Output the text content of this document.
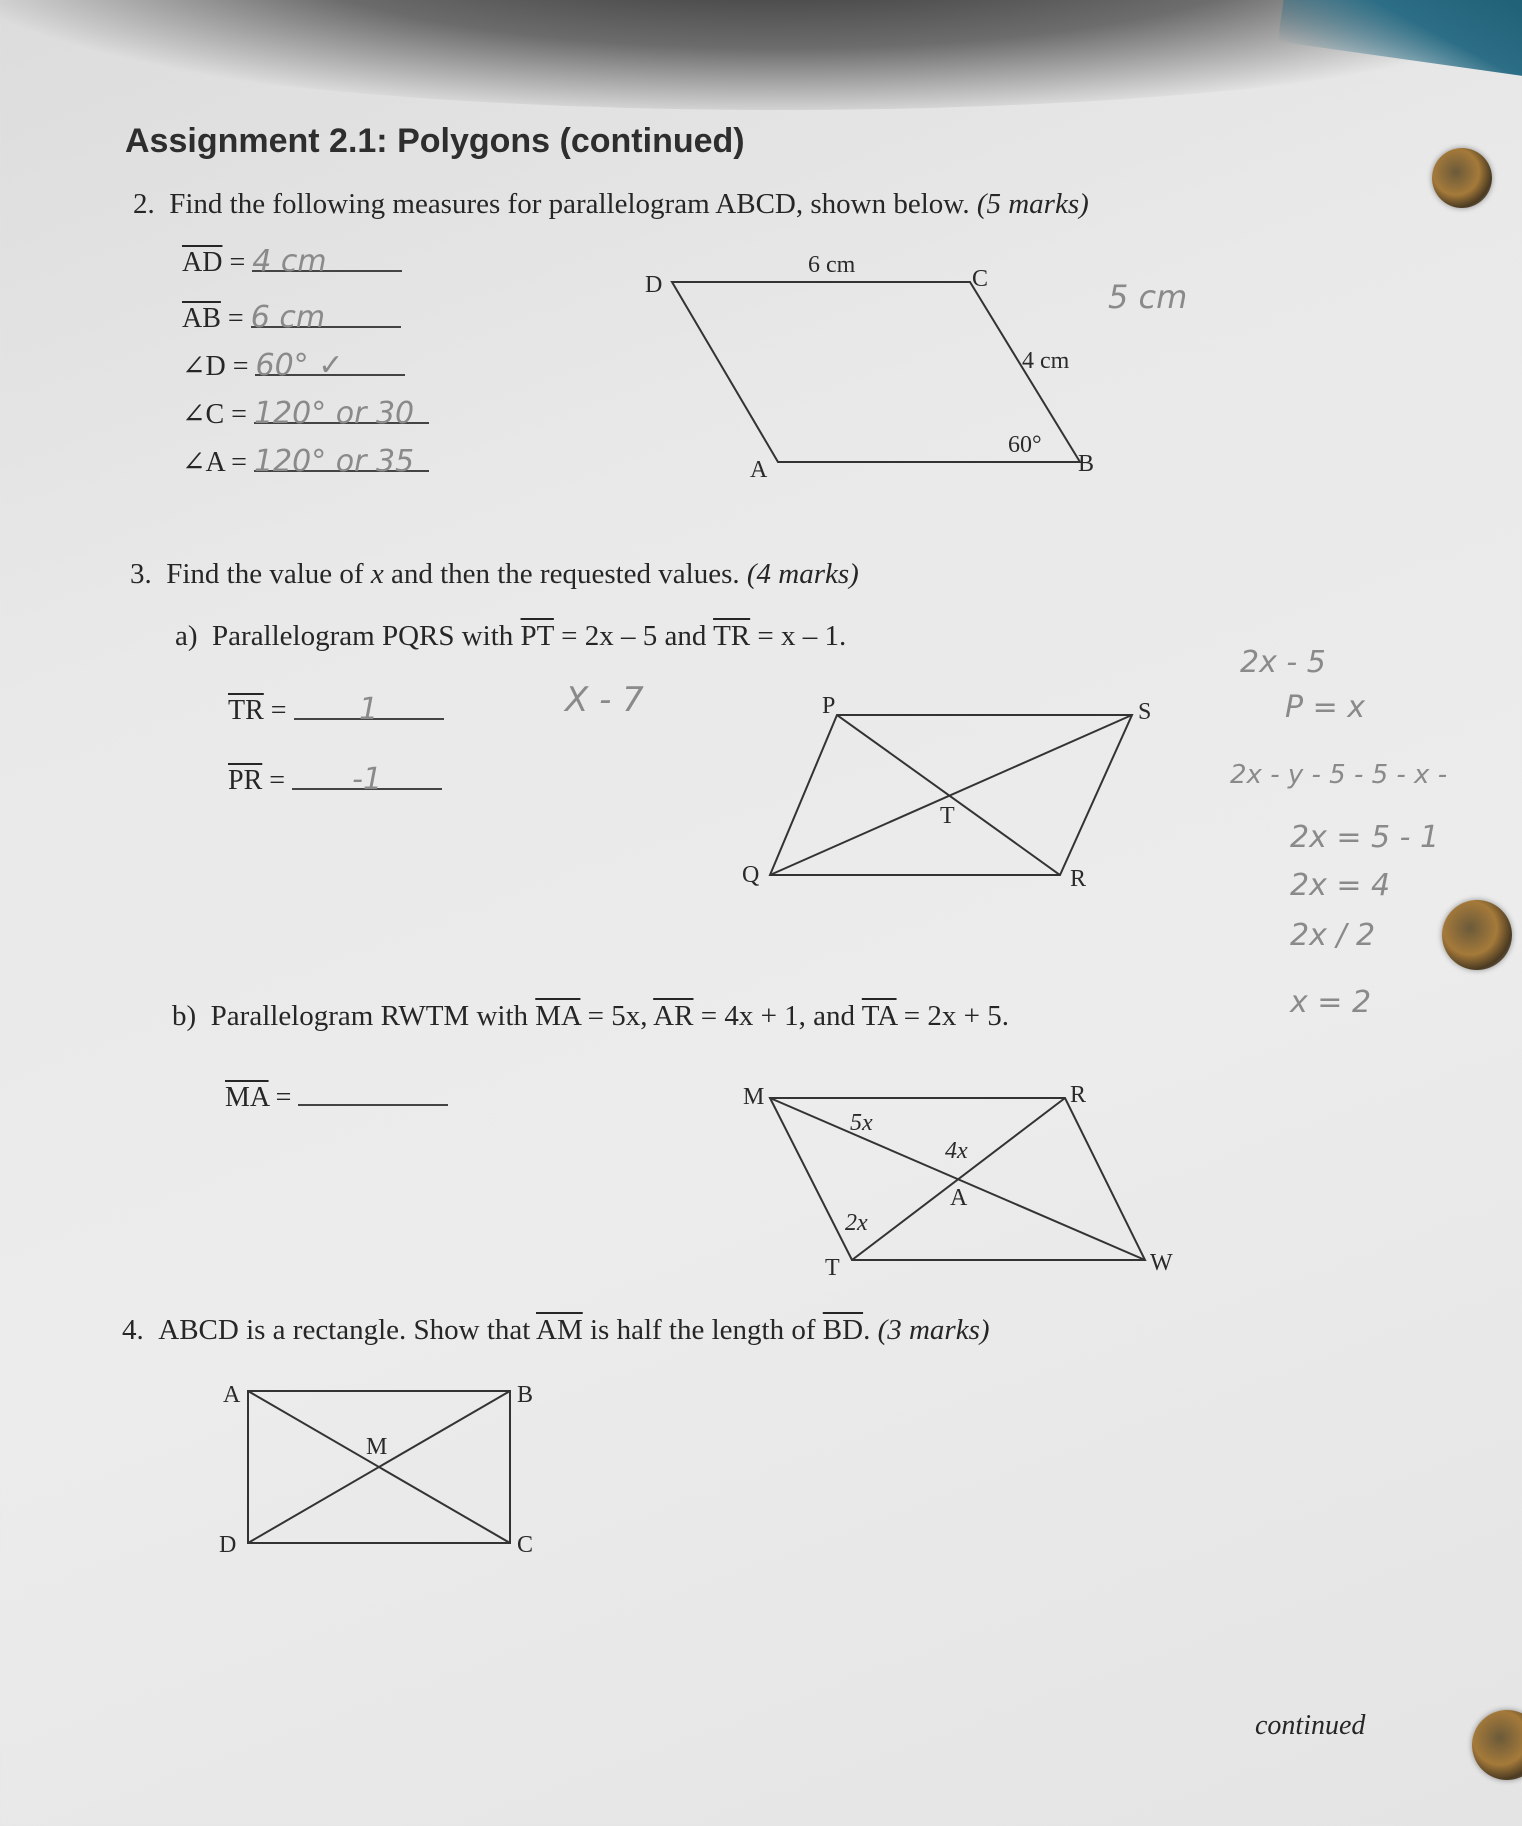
Assignment 2.1: Polygons (continued)
2. Find the following measures for parallelogram ABCD, shown below. (5 marks)
$\overline{AD} = 4$ cm
$\overline{AB} = 6$ cm
∠D = 60° ✓
∠C = 120° or 30
∠A = 120° or 35
D	C
A	B
6 cm
4 cm
60°
5 cm
3. Find the value of x and then the requested values. (4 marks)
a) Parallelogram PQRS with $\overline{PT} = 2x - 5$ and $\overline{TR} = x - 1$.
$\overline{TR} = 1$
$\overline{PR} = -1$
X - 7	P	S
Q	R
T
2x - 5
P = x
2x - y - 5 - 5 - x -
2x = 5 - 1
2x = 4
2x / 2
x = 2
b) Parallelogram RWTM with $\overline{MA} = 5x$, $\overline{AR} = 4x + 1$, and $\overline{TA} = 2x + 5$.
$\overline{MA}$ =	M	R
A
T	W
5x
4x
2x
4. ABCD is a rectangle. Show that $\overline{AM}$ is half the length of $\overline{BD}$. (3 marks)
A	B
C
D
M
continued
